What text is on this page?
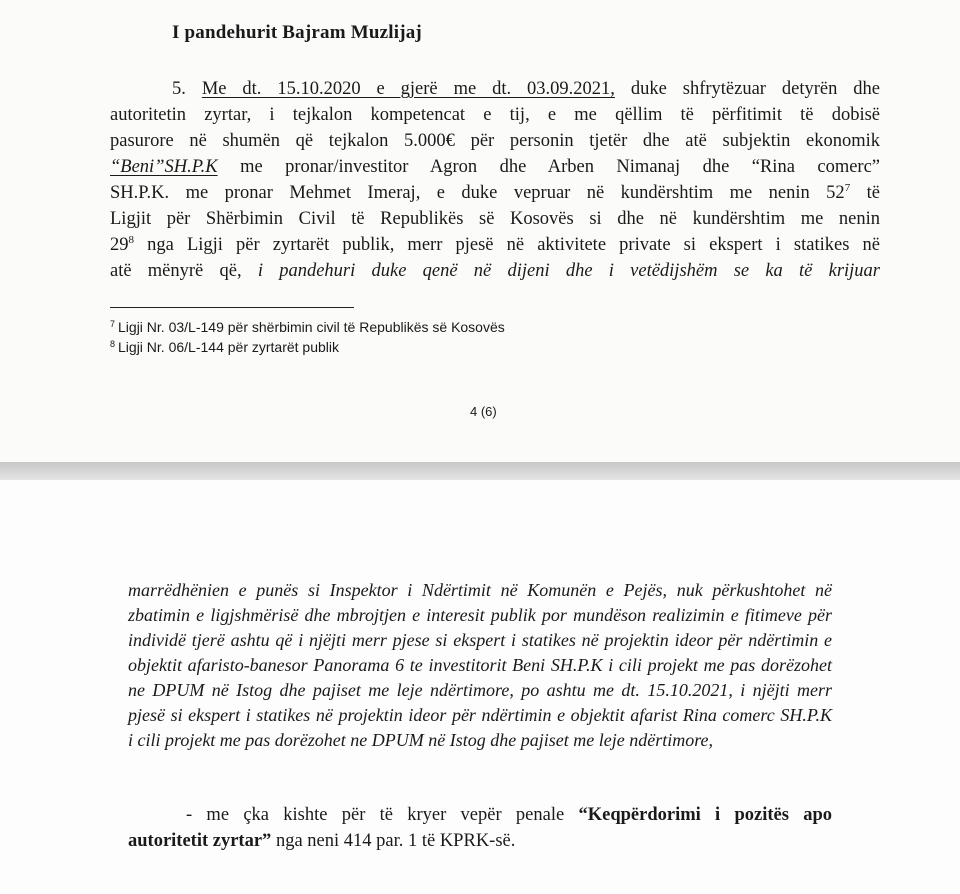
I pandehurit Bajram Muzlijaj
5. Me dt. 15.10.2020 e gjerë me dt. 03.09.2021, duke shfrytëzuar detyrën dhe
autoritetin zyrtar, i tejkalon kompetencat e tij, e me qëllim të përfitimit të dobisë
pasurore në shumën që tejkalon 5.000€ për personin tjetër dhe atë subjektin ekonomik
“Beni”SH.P.K me pronar/investitor Agron dhe Arben Nimanaj dhe “Rina comerc”
SH.P.K. me pronar Mehmet Imeraj, e duke vepruar në kundërshtim me nenin $52^7$ të
Ligjit për Shërbimin Civil të Republikës së Kosovës si dhe në kundërshtim me nenin
$29^8$ nga Ligji për zyrtarët publik, merr pjesë në aktivitete private si ekspert i statikes në
atë mënyrë që, i pandehuri duke qenë në dijeni dhe i vetëdijshëm se ka të krijuar
$^7$ Ligji Nr. 03/L-149 për shërbimin civil të Republikës së Kosovës
$^8$ Ligji Nr. 06/L-144 për zyrtarët publik
4 (6)
marrëdhënien e punës si Inspektor i Ndërtimit në Komunën e Pejës, nuk përkushtohet në
zbatimin e ligjshmërisë dhe mbrojtjen e interesit publik por mundëson realizimin e fitimeve për
individë tjerë ashtu që i njëjti merr pjese si ekspert i statikes në projektin ideor për ndërtimin e
objektit afaristo-banesor Panorama 6 te investitorit Beni SH.P.K i cili projekt me pas dorëzohet
ne DPUM në Istog dhe pajiset me leje ndërtimore, po ashtu me dt. 15.10.2021, i njëjti merr
pjesë si ekspert i statikes në projektin ideor për ndërtimin e objektit afarist Rina comerc SH.P.K
i cili projekt me pas dorëzohet ne DPUM në Istog dhe pajiset me leje ndërtimore,
- me çka kishte për të kryer vepër penale “Keqpërdorimi i pozitës apo
autoritetit zyrtar” nga neni 414 par. 1 të KPRK-së.
